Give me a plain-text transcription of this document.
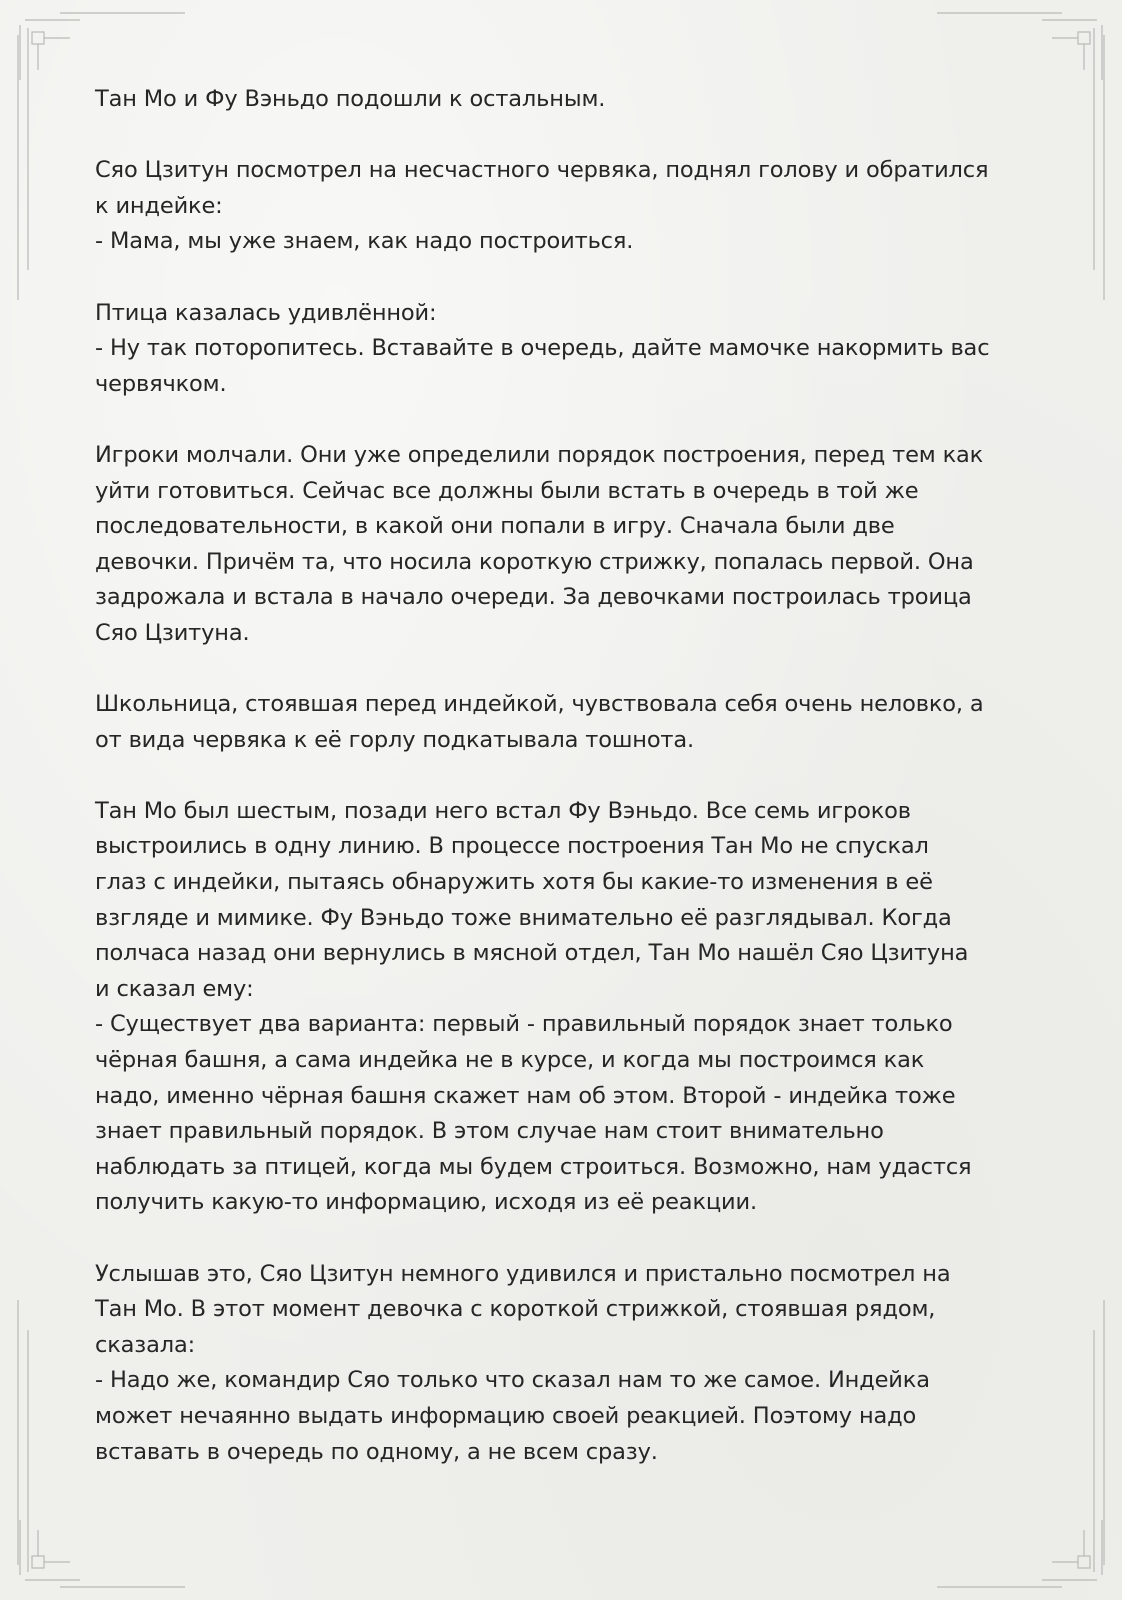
Тан Мо и Фу Вэньдо подошли к остальным.

Сяо Цзитун посмотрел на несчастного червяка, поднял голову и обратился
к индейке:
- Мама, мы уже знаем, как надо построиться.

Птица казалась удивлённой:
- Ну так поторопитесь. Вставайте в очередь, дайте мамочке накормить вас
червячком.

Игроки молчали. Они уже определили порядок построения, перед тем как
уйти готовиться. Сейчас все должны были встать в очередь в той же
последовательности, в какой они попали в игру. Сначала были две
девочки. Причём та, что носила короткую стрижку, попалась первой. Она
задрожала и встала в начало очереди. За девочками построилась троица
Сяо Цзитуна.

Школьница, стоявшая перед индейкой, чувствовала себя очень неловко, а
от вида червяка к её горлу подкатывала тошнота.

Тан Мо был шестым, позади него встал Фу Вэньдо. Все семь игроков
выстроились в одну линию. В процессе построения Тан Мо не спускал
глаз с индейки, пытаясь обнаружить хотя бы какие-то изменения в её
взгляде и мимике. Фу Вэньдо тоже внимательно её разглядывал. Когда
полчаса назад они вернулись в мясной отдел, Тан Мо нашёл Сяо Цзитуна
и сказал ему:
- Существует два варианта: первый - правильный порядок знает только
чёрная башня, а сама индейка не в курсе, и когда мы построимся как
надо, именно чёрная башня скажет нам об этом. Второй - индейка тоже
знает правильный порядок. В этом случае нам стоит внимательно
наблюдать за птицей, когда мы будем строиться. Возможно, нам удастся
получить какую-то информацию, исходя из её реакции.

Услышав это, Сяо Цзитун немного удивился и пристально посмотрел на
Тан Мо. В этот момент девочка с короткой стрижкой, стоявшая рядом,
сказала:
- Надо же, командир Сяо только что сказал нам то же самое. Индейка
может нечаянно выдать информацию своей реакцией. Поэтому надо
вставать в очередь по одному, а не всем сразу.
